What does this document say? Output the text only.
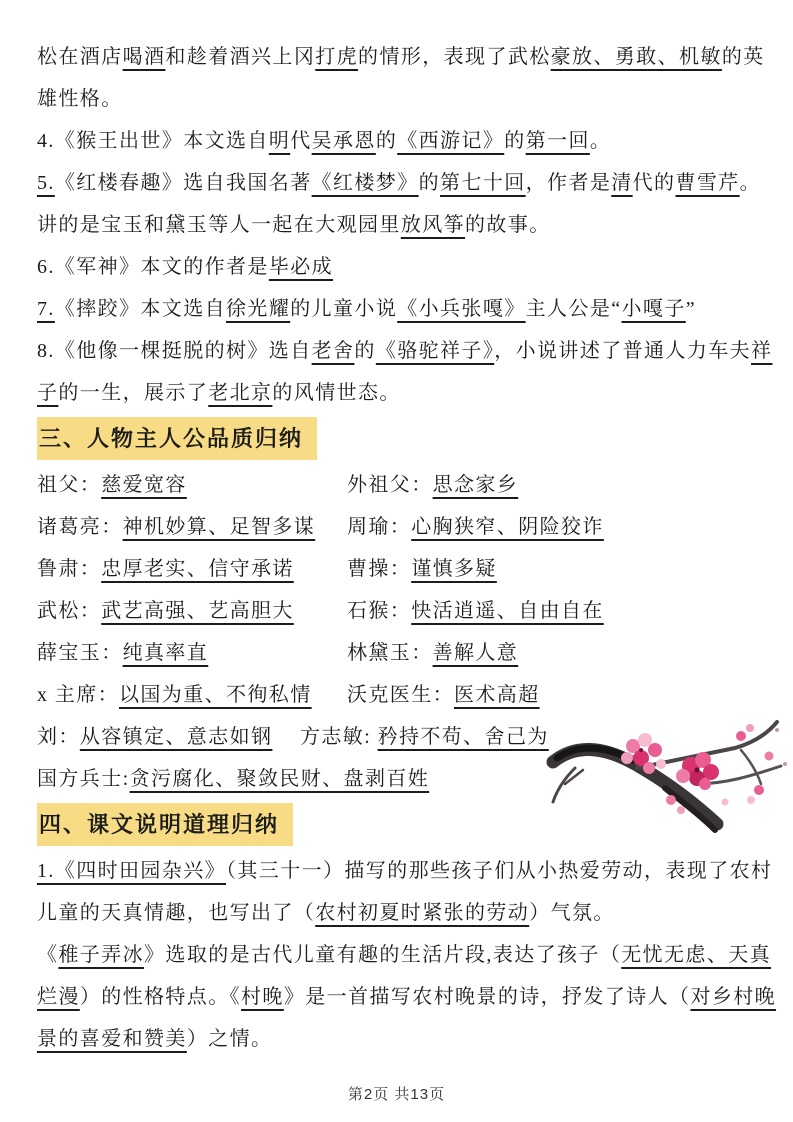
松在酒店喝酒和趁着酒兴上冈打虎的情形，表现了武松豪放、勇敢、机敏的英
雄性格。
4.《猴王出世》本文选自明代吴承恩的《西游记》的第一回。
5.《红楼春趣》选自我国名著《红楼梦》的第七十回，作者是清代的曹雪芹。
讲的是宝玉和黛玉等人一起在大观园里放风筝的故事。
6.《军神》本文的作者是毕必成
7.《摔跤》本文选自徐光耀的儿童小说《小兵张嘎》主人公是“小嘎子”
8.《他像一棵挺脱的树》选自老舍的《骆驼祥子》，小说讲述了普通人力车夫祥
子的一生，展示了老北京的风情世态。
三、人物主人公品质归纳
祖父：慈爱宽容	外祖父：思念家乡
诸葛亮：神机妙算、足智多谋	周瑜：心胸狭窄、阴险狡诈
鲁肃：忠厚老实、信守承诺	曹操：谨慎多疑
武松：武艺高强、艺高胆大	石猴：快活逍遥、自由自在
薛宝玉：纯真率直	林黛玉：善解人意
x 主席：以国为重、不徇私情	沃克医生：医术高超
刘：从容镇定、意志如钢	方志敏: 矜持不苟、舍己为
国方兵士:贪污腐化、聚敛民财、盘剥百姓
四、课文说明道理归纳
1.《四时田园杂兴》（其三十一）描写的那些孩子们从小热爱劳动，表现了农村
儿童的天真情趣，也写出了（农村初夏时紧张的劳动）气氛。
《稚子弄冰》选取的是古代儿童有趣的生活片段,表达了孩子（无忧无虑、天真
烂漫）的性格特点。《村晚》是一首描写农村晚景的诗，抒发了诗人（对乡村晚
景的喜爱和赞美）之情。
第2页 共13页
